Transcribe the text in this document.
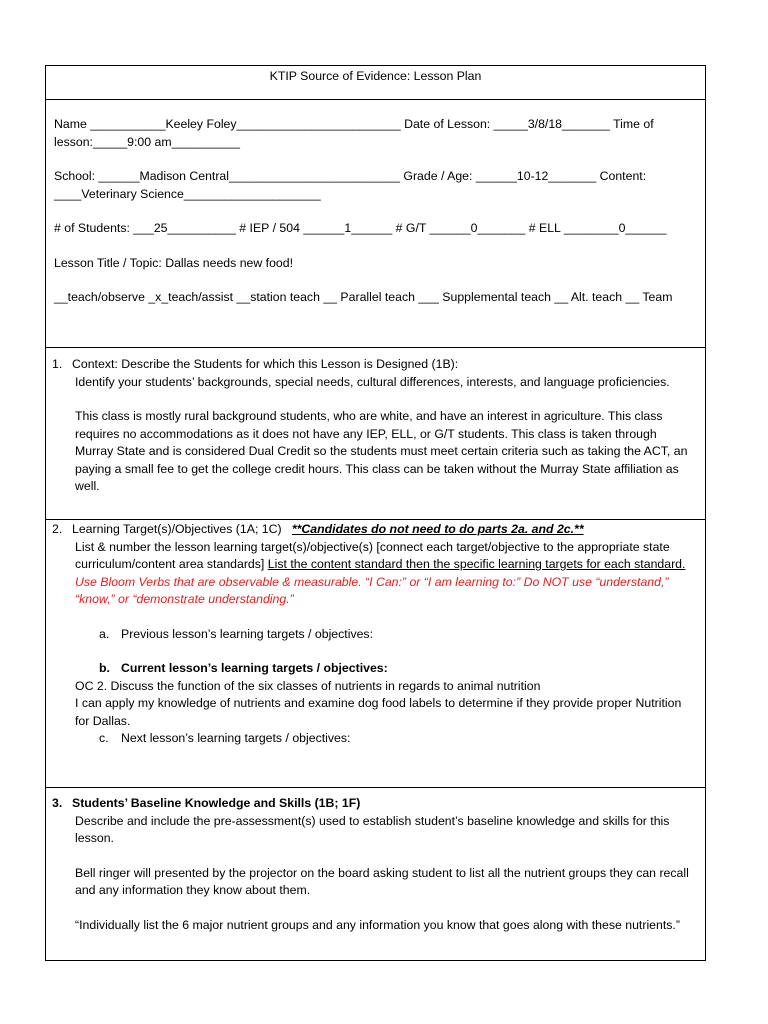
KTIP Source of Evidence: Lesson Plan

Name ___________Keeley Foley________________________ Date of Lesson: _____3/8/18_______ Time of lesson:_____9:00 am__________

School: ______Madison Central_________________________ Grade / Age: ______10-12_______ Content: ____Veterinary Science____________________

# of Students: ___25__________ # IEP / 504 ______1______ # G/T ______0_______ # ELL ________0______

Lesson Title / Topic: Dallas needs new food!

__teach/observe _x_teach/assist __station teach __ Parallel teach ___ Supplemental teach __ Alt. teach __ Team

1. Context: Describe the Students for which this Lesson is Designed (1B):

Identify your students’ backgrounds, special needs, cultural differences, interests, and language proficiencies.

This class is mostly rural background students, who are white, and have an interest in agriculture. This class requires no accommodations as it does not have any IEP, ELL, or G/T students. This class is taken through Murray State and is considered Dual Credit so the students must meet certain criteria such as taking the ACT, an paying a small fee to get the college credit hours. This class can be taken without the Murray State affiliation as well.

2. Learning Target(s)/Objectives (1A; 1C) **Candidates do not need to do parts 2a. and 2c.**

List & number the lesson learning target(s)/objective(s) [connect each target/objective to the appropriate state curriculum/content area standards] List the content standard then the specific learning targets for each standard.  Use Bloom Verbs that are observable & measurable. “I Can:” or “I am learning to:” Do NOT use “understand,” “know,” or “demonstrate understanding.”

a. Previous lesson’s learning targets / objectives:

b. Current lesson’s learning targets / objectives:

OC 2. Discuss the function of the six classes of nutrients in regards to animal nutrition

I can apply my knowledge of nutrients and examine dog food labels to determine if they provide proper Nutrition for Dallas.

c. Next lesson’s learning targets / objectives:

3. Students’ Baseline Knowledge and Skills (1B; 1F)

Describe and include the pre-assessment(s) used to establish student’s baseline knowledge and skills for this lesson.

Bell ringer will presented by the projector on the board asking student to list all the nutrient groups they can recall and any information they know about them.

“Individually list the 6 major nutrient groups and any information you know that goes along with these nutrients.”
